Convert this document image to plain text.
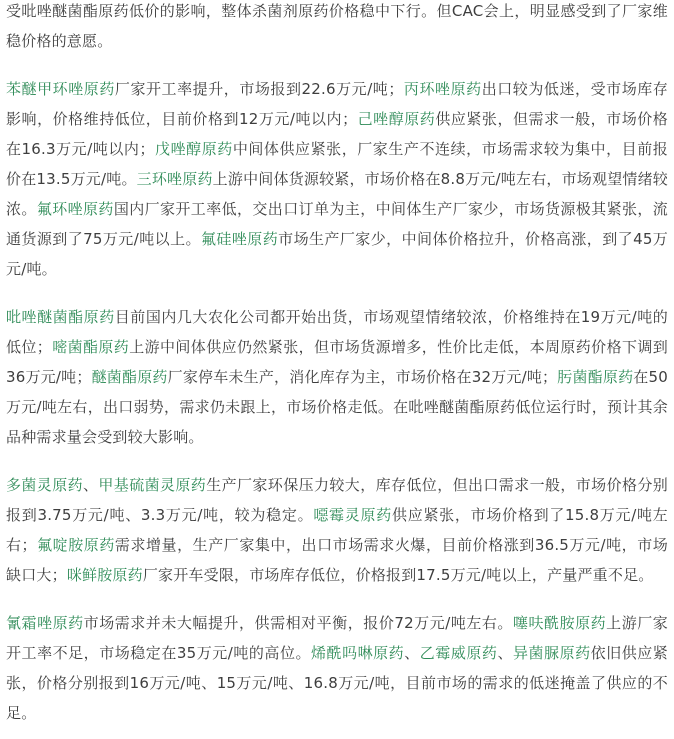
受吡唑醚菌酯原药低价的影响，整体杀菌剂原药价格稳中下行。但CAC会上，明显感受到了厂家维稳价格的意愿。

苯醚甲环唑原药厂家开工率提升，市场报到22.6万元/吨；丙环唑原药出口较为低迷，受市场库存影响，价格维持低位，目前价格到12万元/吨以内；己唑醇原药供应紧张，但需求一般，市场价格在16.3万元/吨以内；戊唑醇原药中间体供应紧张，厂家生产不连续，市场需求较为集中，目前报价在13.5万元/吨。三环唑原药上游中间体货源较紧，市场价格在8.8万元/吨左右，市场观望情绪较浓。氟环唑原药国内厂家开工率低，交出口订单为主，中间体生产厂家少，市场货源极其紧张，流通货源到了75万元/吨以上。氟硅唑原药市场生产厂家少，中间体价格拉升，价格高涨，到了45万元/吨。

吡唑醚菌酯原药目前国内几大农化公司都开始出货，市场观望情绪较浓，价格维持在19万元/吨的低位；嘧菌酯原药上游中间体供应仍然紧张，但市场货源增多，性价比走低，本周原药价格下调到36万元/吨；醚菌酯原药厂家停车未生产，消化库存为主，市场价格在32万元/吨；肟菌酯原药在50万元/吨左右，出口弱势，需求仍未跟上，市场价格走低。在吡唑醚菌酯原药低位运行时，预计其余品种需求量会受到较大影响。

多菌灵原药、甲基硫菌灵原药生产厂家环保压力较大，库存低位，但出口需求一般，市场价格分别报到3.75万元/吨、3.3万元/吨，较为稳定。噁霉灵原药供应紧张，市场价格到了15.8万元/吨左右；氟啶胺原药需求增量，生产厂家集中，出口市场需求火爆，目前价格涨到36.5万元/吨，市场缺口大；咪鲜胺原药厂家开车受限，市场库存低位，价格报到17.5万元/吨以上，产量严重不足。

氰霜唑原药市场需求并未大幅提升，供需相对平衡，报价72万元/吨左右。噻呋酰胺原药上游厂家开工率不足，市场稳定在35万元/吨的高位。烯酰吗啉原药、乙霉威原药、异菌脲原药依旧供应紧张，价格分别报到16万元/吨、15万元/吨、16.8万元/吨，目前市场的需求的低迷掩盖了供应的不足。
